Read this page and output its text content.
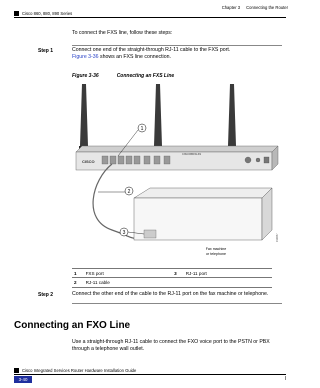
Chapter 3 Connecting the Router
Cisco 860, 880, 890 Series
To connect the FXS line, follow these steps:
Step 1	Connect one end of the straight-through RJ-11 cable to the FXS port.
Figure 3-36 shows an FXS line connection.
Figure 3-36	Connecting an FXS Line
CISCO
CISCO861W-K9
1
2
3
Fax machine
or telephone
193657
1	FXS port	3	RJ-11 port
2	RJ-11 cable		
Step 2	Connect the other end of the cable to the RJ-11 port on the fax machine or telephone.
Connecting an FXO Line
Use a straight-through RJ-11 cable to connect the FXO voice port to the PSTN or PBX through a telephone wall outlet.
Cisco Integrated Services Router Hardware Installation Guide
3-40	I
